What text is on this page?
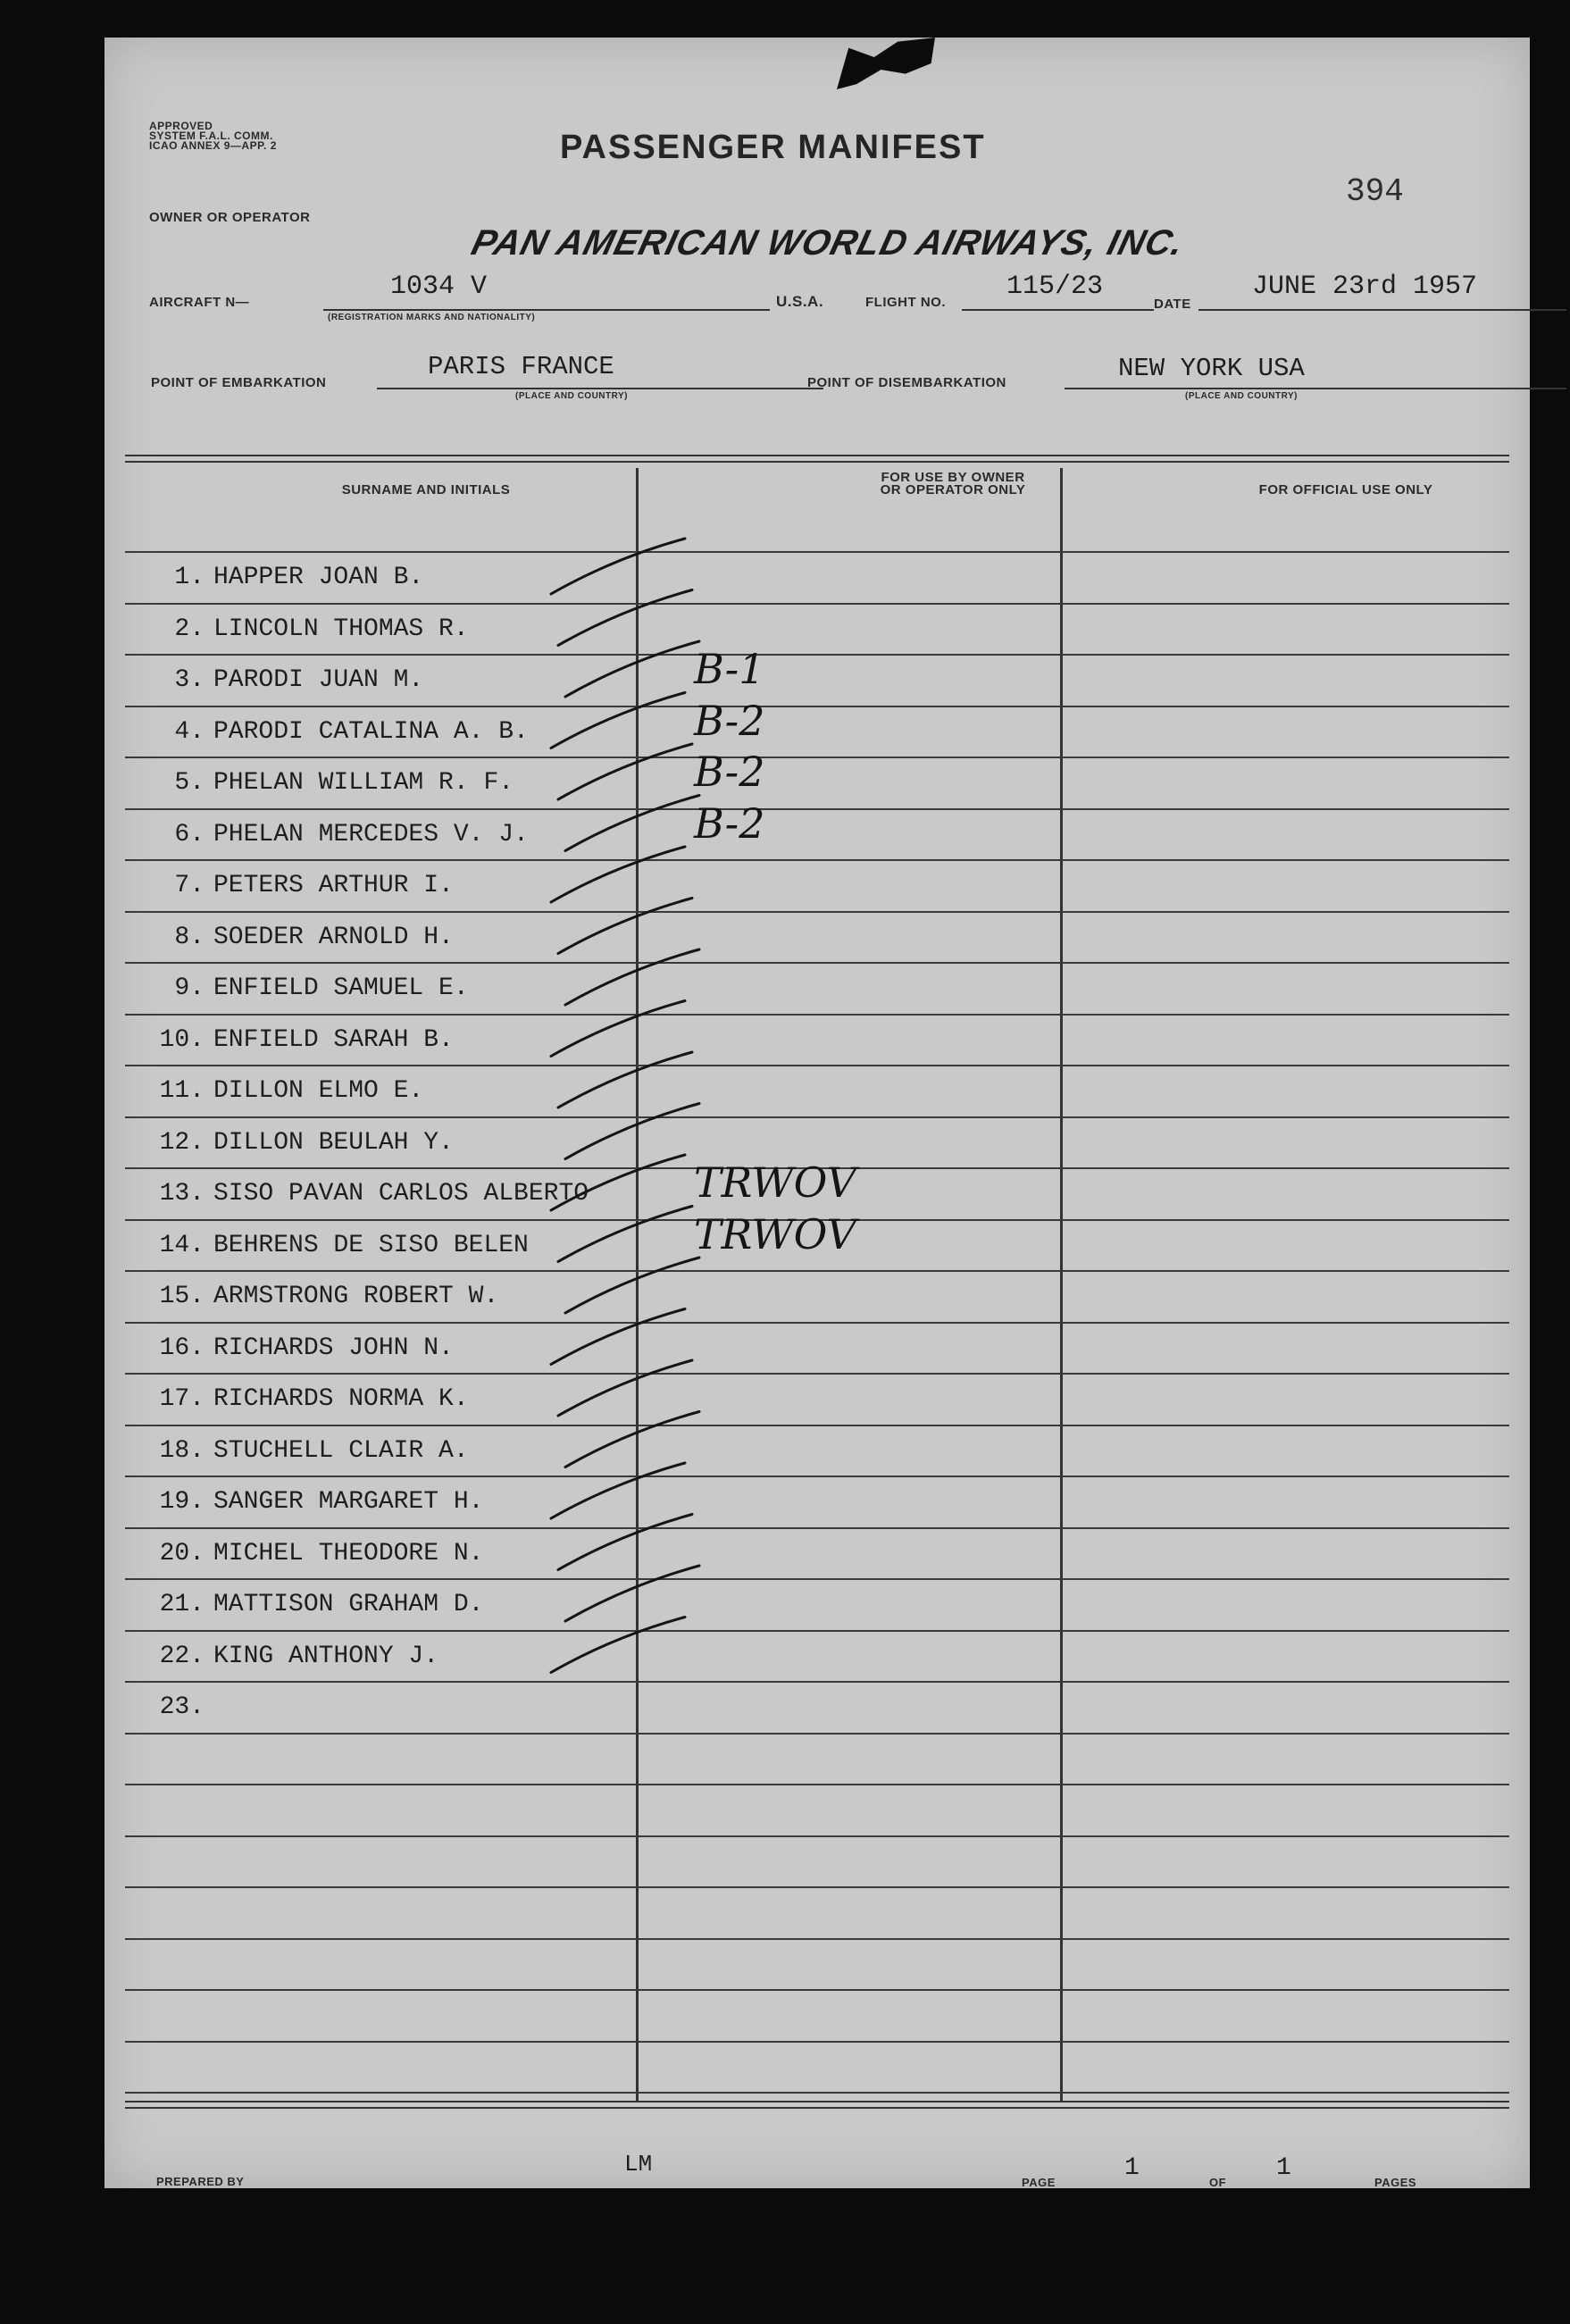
APPROVED
SYSTEM F.A.L. COMM.
ICAO ANNEX 9—APP. 2	PASSENGER MANIFEST
OWNER OR OPERATOR
PAN AMERICAN WORLD AIRWAYS, INC.
394
AIRCRAFT N—
1034 V
(REGISTRATION MARKS AND NATIONALITY)
U.S.A.	FLIGHT NO.
115/23
DATE
JUNE 23rd 1957
POINT OF EMBARKATION
PARIS FRANCE
(PLACE AND COUNTRY)
POINT OF DISEMBARKATION	NEW YORK USA
(PLACE AND COUNTRY)
SURNAME AND INITIALS
FOR USE BY OWNER
OR OPERATOR ONLY	FOR OFFICIAL USE ONLY
1. HAPPER JOAN B.
2. LINCOLN THOMAS R.
3. PARODI JUAN M.	B-1
4. PARODI CATALINA A. B.	B-2
5. PHELAN WILLIAM R. F.	B-2
6. PHELAN MERCEDES V. J.	B-2
7. PETERS ARTHUR I.
8. SOEDER ARNOLD H.
9. ENFIELD SAMUEL E.
10. ENFIELD SARAH B.
11. DILLON ELMO E.
12. DILLON BEULAH Y.
13. SISO PAVAN CARLOS ALBERTO	TRWOV
14. BEHRENS DE SISO BELEN	TRWOV
15. ARMSTRONG ROBERT W.
16. RICHARDS JOHN N.
17. RICHARDS NORMA K.
18. STUCHELL CLAIR A.
19. SANGER MARGARET H.
20. MICHEL THEODORE N.
21. MATTISON GRAHAM D.
22. KING ANTHONY J.
23.
PREPARED BY
LM
PAGE
1
OF
1
PAGES
